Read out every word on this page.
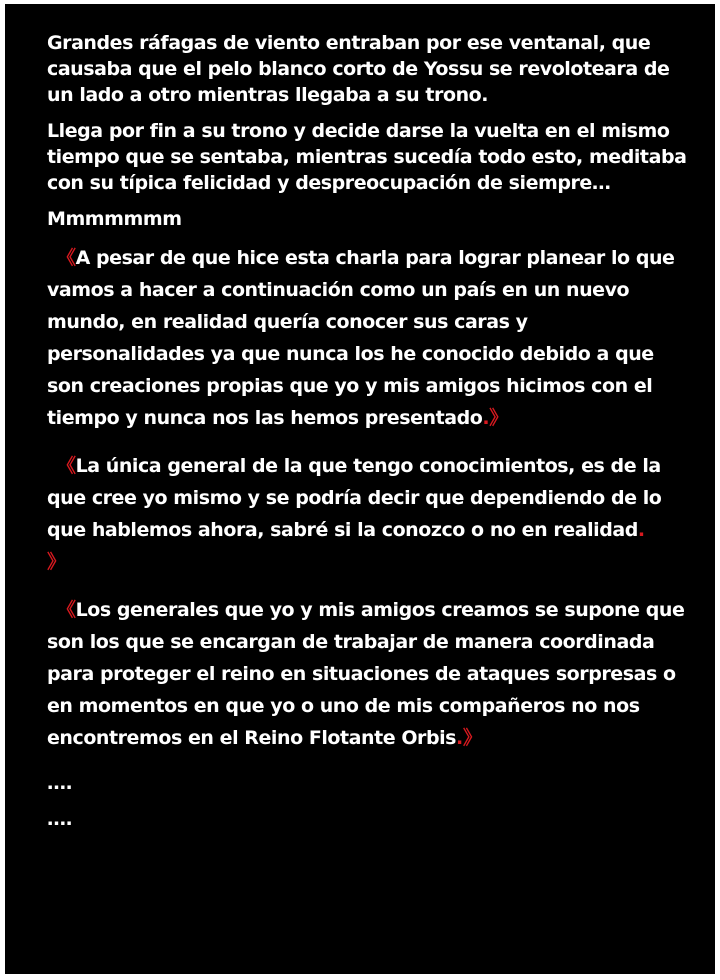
Grandes ráfagas de viento entraban por ese ventanal, que causaba que el pelo blanco corto de Yossu se revoloteara de un lado a otro mientras llegaba a su trono.

Llega por fin a su trono y decide darse la vuelta en el mismo tiempo que se sentaba, mientras sucedía todo esto, meditaba con su típica felicidad y despreocupación de siempre…

Mmmmmmm

《A pesar de que hice esta charla para lograr planear lo que vamos a hacer a continuación como un país en un nuevo mundo, en realidad quería conocer sus caras y personalidades ya que nunca los he conocido debido a que son creaciones propias que yo y mis amigos hicimos con el tiempo y nunca nos las hemos presentado.》

《La única general de la que tengo conocimientos, es de la que cree yo mismo y se podría decir que dependiendo de lo que hablemos ahora, sabré si la conozco o no en realidad.
》

《Los generales que yo y mis amigos creamos se supone que son los que se encargan de trabajar de manera coordinada para proteger el reino en situaciones de ataques sorpresas o en momentos en que yo o uno de mis compañeros no nos encontremos en el Reino Flotante Orbis.》

….

….
